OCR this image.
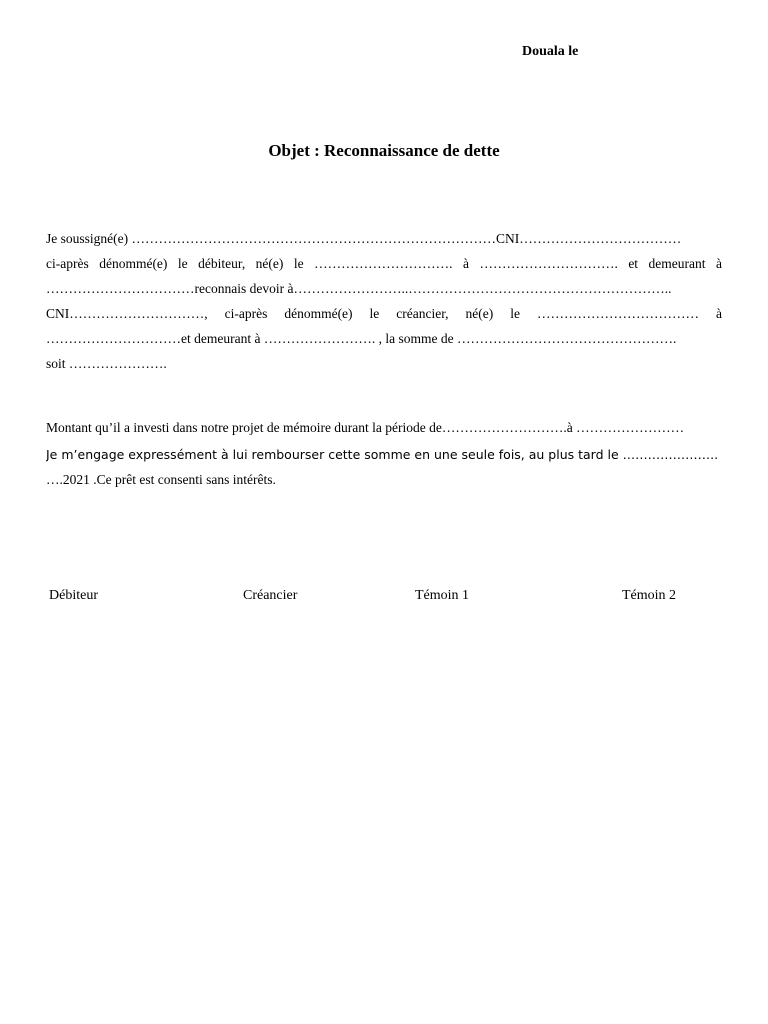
Douala le
Objet : Reconnaissance de dette
Je soussigné(e) ………………………………………………………………………CNI………………………………
ci-après dénommé(e) le débiteur, né(e) le …………………………. à …………………………. et demeurant à
……………………………reconnais devoir à……………………..…………………………………………………..
CNI…………………………, ci-après dénommé(e) le créancier, né(e) le ……………………………… à
…………………………et demeurant à ……………………. , la somme de ………………………………………….
soit ………………….
Montant qu’il a investi dans notre projet de mémoire durant la période de……………………….à ……………………
Je m’engage expressément à lui rembourser cette somme en une seule fois, au plus tard le …………………..
….2021 .Ce prêt est consenti sans intérêts.
Débiteur	Créancier	Témoin 1	Témoin 2
